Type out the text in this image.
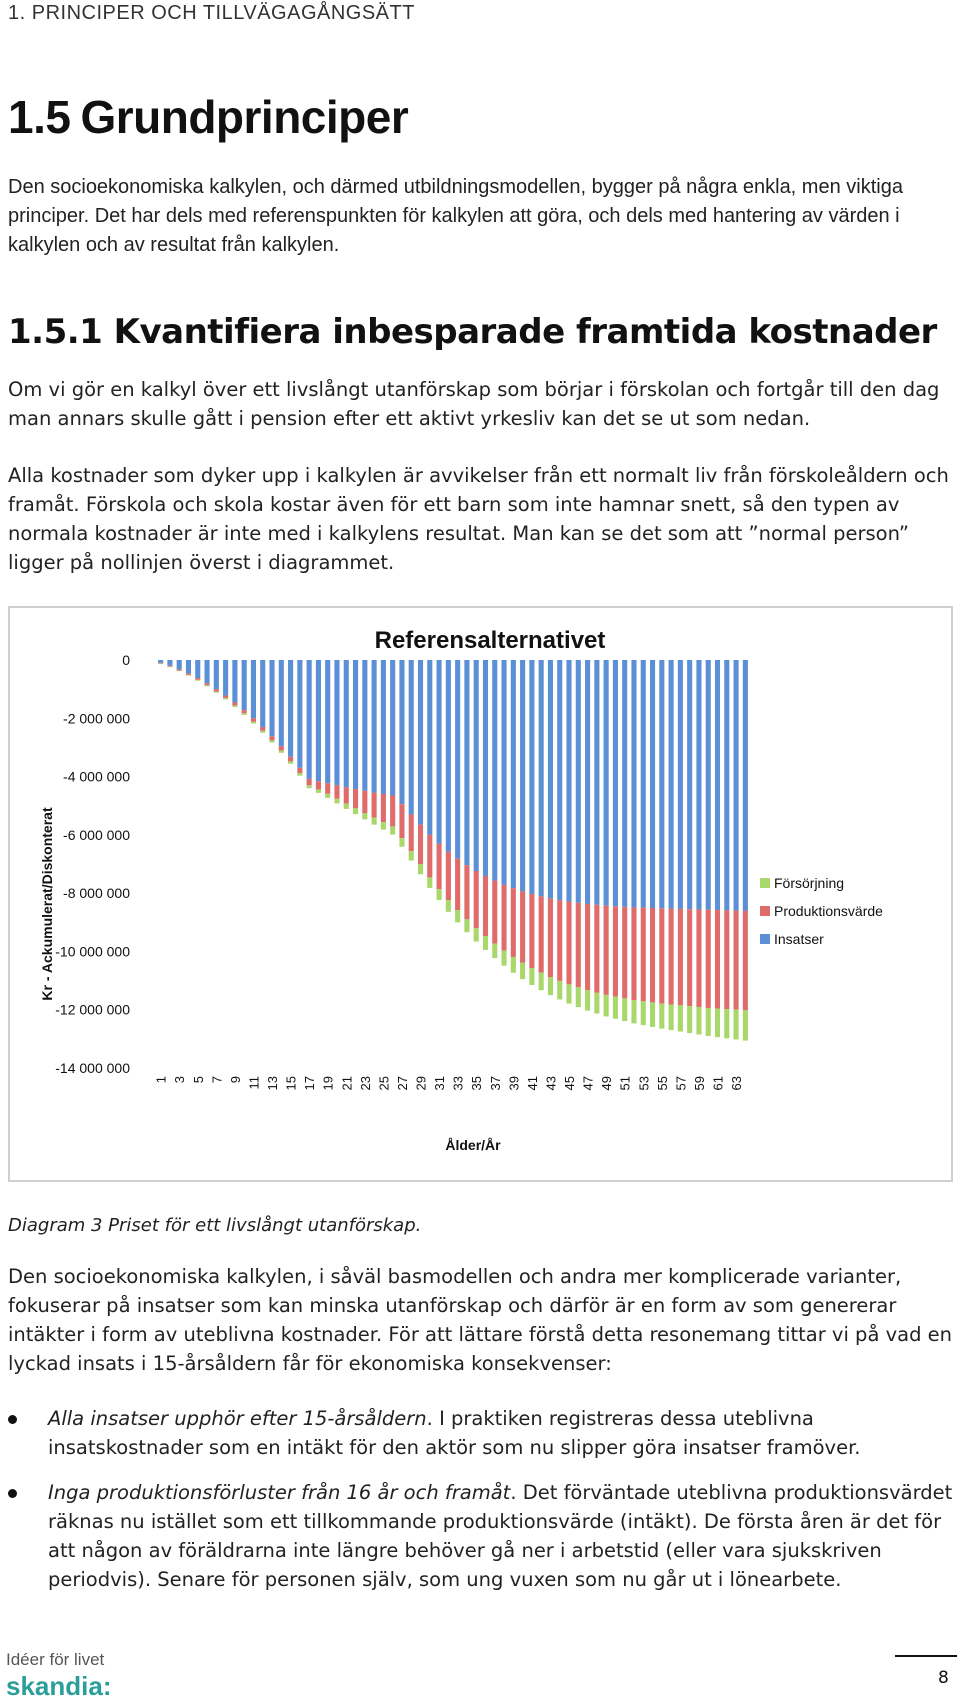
1. PRINCIPER OCH TILLVÄGAGÅNGSÄTT
1.5 Grundprinciper
Den socioekonomiska kalkylen, och därmed utbildningsmodellen, bygger på några enkla, men viktiga principer. Det har dels med referenspunkten för kalkylen att göra, och dels med hantering av värden i kalkylen och av resultat från kalkylen.
1.5.1 Kvantifiera inbesparade framtida kostnader
Om vi gör en kalkyl över ett livslångt utanförskap som börjar i förskolan och fortgår till den dag man annars skulle gått i pension efter ett aktivt yrkesliv kan det se ut som nedan.
Alla kostnader som dyker upp i kalkylen är avvikelser från ett normalt liv från förskoleåldern och framåt. Förskola och skola kostar även för ett barn som inte hamnar snett, så den typen av normala kostnader är inte med i kalkylens resultat. Man kan se det som att ”normal person” ligger på nollinjen överst i diagrammet.
Referensalternativet
0
-2 000 000
-4 000 000
-6 000 000
-8 000 000
-10 000 000
-12 000 000
-14 000 000
Kr - Ackumulerat/Diskonterat
1 3 5 7 9 11 13 15 17 19 21 23 25 27 29 31 33 35 37 39 41 43 45 47 49 51 53 55 57 59 61 63
Ålder/År
Försörjning
Produktionsvärde
Insatser
Diagram 3 Priset för ett livslångt utanförskap.
Den socioekonomiska kalkylen, i såväl basmodellen och andra mer komplicerade varianter, fokuserar på insatser som kan minska utanförskap och därför är en form av som genererar intäkter i form av uteblivna kostnader. För att lättare förstå detta resonemang tittar vi på vad en lyckad insats i 15-årsåldern får för ekonomiska konsekvenser:
Alla insatser upphör efter 15-årsåldern. I praktiken registreras dessa uteblivna insatskostnader som en intäkt för den aktör som nu slipper göra insatser framöver.
Inga produktionsförluster från 16 år och framåt. Det förväntade uteblivna produktionsvärdet räknas nu istället som ett tillkommande produktionsvärde (intäkt). De första åren är det för att någon av föräldrarna inte längre behöver gå ner i arbetstid (eller vara sjukskriven periodvis). Senare för personen själv, som ung vuxen som nu går ut i lönearbete.
Idéer för livet
skandia:	8
